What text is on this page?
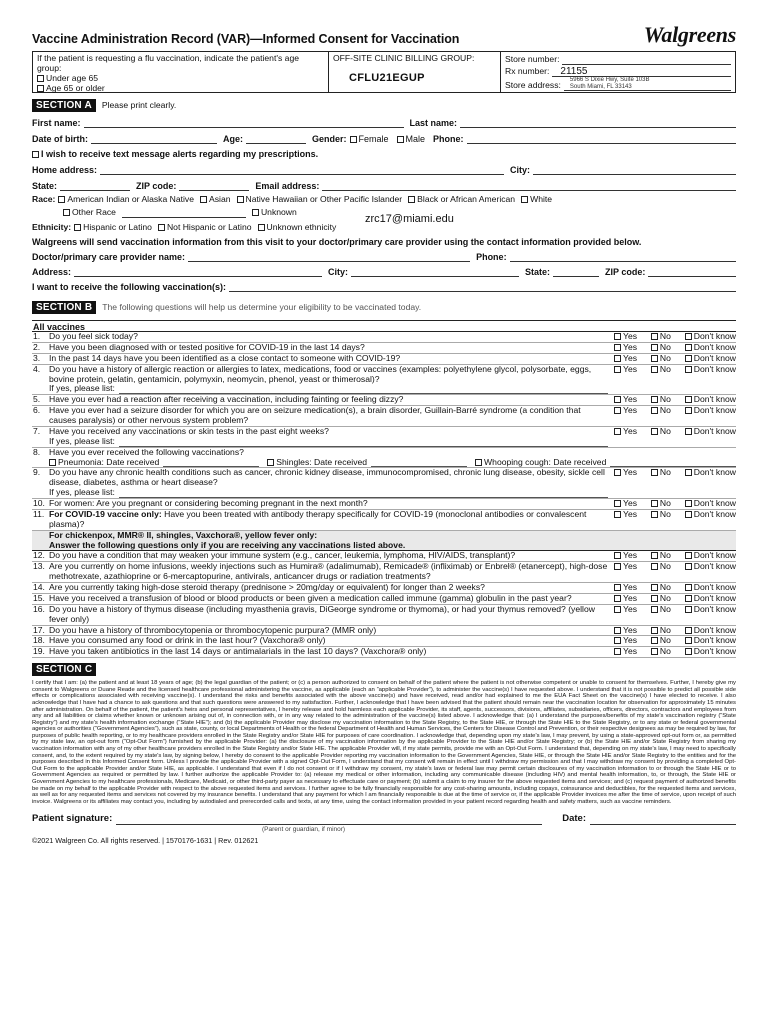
Vaccine Administration Record (VAR)—Informed Consent for Vaccination	Walgreens
If the patient is requesting a flu vaccination, indicate the patient's age group:
Under age 65
Age 65 or older
OFF-SITE CLINIC BILLING GROUP:
CFLU21EGUP
Store number:
Rx number:	21155
Store address:
5966 S Dixie Hwy, Suite 103B
South Miami, FL 33143
SECTION A	Please print clearly.
First name:	Last name:
Date of birth:	Age:	Gender:	Female	Male Phone:
I wish to receive text message alerts regarding my prescriptions.
Home address:	City:
State:	ZIP code:	Email address:
Race:	American Indian or Alaska Native	Asian	Native Hawaiian or Other Pacific Islander	Black or African American	White
Other Race	Unknown
Ethnicity:	Hispanic or Latino	Not Hispanic or Latino	Unknown ethnicity
zrc17@miami.edu
Walgreens will send vaccination information from this visit to your doctor/primary care provider using the contact information provided below.
Doctor/primary care provider name:	Phone:
Address:	City:	State:	ZIP code:
I want to receive the following vaccination(s):
SECTION B	The following questions will help us determine your eligibility to be vaccinated today.
All vaccines
1.	Do you feel sick today?	Yes	No	Don't know
2.	Have you been diagnosed with or tested positive for COVID-19 in the last 14 days?	Yes	No	Don't know
3.	In the past 14 days have you been identified as a close contact to someone with COVID-19?	Yes	No	Don't know
4.	Do you have a history of allergic reaction or allergies to latex, medications, food or vaccines (examples: polyethylene glycol, polysorbate, eggs, bovine protein, gelatin, gentamicin, polymyxin, neomycin, phenol, yeast or thimerosal)?
If yes, please list:
Yes	No	Don't know
5.	Have you ever had a reaction after receiving a vaccination, including fainting or feeling dizzy?	Yes	No	Don't know
6.	Have you ever had a seizure disorder for which you are on seizure medication(s), a brain disorder, Guillain-Barré syndrome (a condition that causes paralysis) or other nervous system problem?
Yes	No	Don't know
7.	Have you received any vaccinations or skin tests in the past eight weeks?
If yes, please list:
Yes	No	Don't know
8.	Have you ever received the following vaccinations?
Pneumonia: Date received	Shingles: Date received	Whooping cough: Date received
9.	Do you have any chronic health conditions such as cancer, chronic kidney disease, immunocompromised, chronic lung disease, obesity, sickle cell disease, diabetes, asthma or heart disease?
If yes, please list:
Yes	No	Don't know
10. For women: Are you pregnant or considering becoming pregnant in the next month?	Yes	No	Don't know
11. For COVID-19 vaccine only: Have you been treated with antibody therapy specifically for COVID-19 (monoclonal antibodies or convalescent plasma)?
Yes	No	Don't know
For chickenpox, MMR® II, shingles, Vaxchora®, yellow fever only:
Answer the following questions only if you are receiving any vaccinations listed above.
12. Do you have a condition that may weaken your immune system (e.g., cancer, leukemia, lymphoma, HIV/AIDS, transplant)?	Yes	No	Don't know
13. Are you currently on home infusions, weekly injections such as Humira® (adalimumab), Remicade® (infliximab) or Enbrel® (etanercept), high-dose methotrexate, azathioprine or 6-mercaptopurine, antivirals, anticancer drugs or radiation treatments?
Yes	No	Don't know
14. Are you currently taking high-dose steroid therapy (prednisone > 20mg/day or equivalent) for longer than 2 weeks?	Yes	No	Don't know
15. Have you received a transfusion of blood or blood products or been given a medication called immune (gamma) globulin in the past year?	Yes	No	Don't know
16. Do you have a history of thymus disease (including myasthenia gravis, DiGeorge syndrome or thymoma), or had your thymus removed? (yellow fever only)
Yes	No	Don't know
17. Do you have a history of thrombocytopenia or thrombocytopenic purpura? (MMR only)	Yes	No	Don't know
18. Have you consumed any food or drink in the last hour? (Vaxchora® only)	Yes	No	Don't know
19. Have you taken antibiotics in the last 14 days or antimalarials in the last 10 days? (Vaxchora® only)	Yes	No	Don't know
SECTION C
I certify that I am: (a) the patient and at least 18 years of age; (b) the legal guardian of the patient; or (c) a person authorized to consent on behalf of the patient where the patient is not otherwise competent or unable to consent for themselves. Further, I hereby give my consent to Walgreens or Duane Reade and the licensed healthcare professional administering the vaccine, as applicable (each an “applicable Provider”), to administer the vaccine(s) I have requested above. I understand that it is not possible to predict all possible side effects or complications associated with receiving vaccine(s). I understand the risks and benefits associated with the above vaccine(s) and have received, read and/or had explained to me the EUA Fact Sheet on the vaccine(s) I have elected to receive. I also acknowledge that I have had a chance to ask questions and that such questions were answered to my satisfaction. Further, I acknowledge that I have been advised that the patient should remain near the vaccination location for observation for approximately 15 minutes after administration. On behalf of the patient, the patient's heirs and personal representatives, I hereby release and hold harmless each applicable Provider, its staff, agents, successors, divisions, affiliates, subsidiaries, officers, directors, contractors and employees from any and all liabilities or claims whether known or unknown arising out of, in connection with, or in any way related to the administration of the vaccine(s) listed above. I acknowledge that: (a) I understand the purposes/benefits of my state's vaccination registry (“State Registry”) and my state's health information exchange (“State HIE”); and (b) the applicable Provider may disclose my vaccination information to the State Registry, to the State HIE, or through the State HIE to the State Registry, or to any state or federal governmental agencies or authorities (“Government Agencies”), such as state, county, or local Departments of Health or the federal Department of Health and Human Services, the Centers for Disease Control and Prevention, or their respective designees as may be required by law, for purposes of public health reporting, or to my healthcare providers enrolled in the State Registry and/or State HIE for purposes of care coordination. I acknowledge that, depending upon my state's law, I may prevent, by using a state-approved opt-out form or, as permitted by my state law, an opt-out form (“Opt-Out Form”) furnished by the applicable Provider: (a) the disclosure of my vaccination information by the applicable Provider to the State HIE and/or State Registry; or (b) the State HIE and/or State Registry from sharing my vaccination information with any of my other healthcare providers enrolled in the State Registry and/or State HIE. The applicable Provider will, if my state permits, provide me with an Opt-Out Form. I understand that, depending on my state's law, I may need to specifically consent, and, to the extent required by my state's law, by signing below, I hereby do consent to the applicable Provider reporting my vaccination information to the Government Agencies, State HIE, or through the State HIE and/or State Registry to the entities and for the purposes described in this Informed Consent form. Unless I provide the applicable Provider with a signed Opt-Out Form, I understand that my consent will remain in effect until I withdraw my permission and that I may withdraw my consent by providing a completed Opt-Out Form to the applicable Provider and/or State HIE, as applicable. I understand that even if I do not consent or if I withdraw my consent, my state's laws or federal law may permit certain disclosures of my vaccination information to or through the State HIE or to Government Agencies as required or permitted by law. I further authorize the applicable Provider to: (a) release my medical or other information, including any communicable disease (including HIV) and mental health information, to, or through, the State HIE or Government Agencies to my healthcare professionals, Medicare, Medicaid, or other third-party payer as necessary to effectuate care or payment; (b) submit a claim to my insurer for the above requested items and services; and (c) request payment of authorized benefits be made on my behalf to the applicable Provider with respect to the above requested items and services. I further agree to be fully financially responsible for any cost-sharing amounts, including copays, coinsurance and deductibles, for the requested items and services, as well as for any requested items and services not covered by my insurance benefits. I understand that any payment for which I am financially responsible is due at the time of service or, if the applicable Provider invoices me after the time of service, upon receipt of such invoice. Walgreens or its affiliates may contact you, including by autodialed and prerecorded calls and texts, at any time, using the contact information provided in your patient record regarding health and safety matters, such as vaccine reminders.
Patient signature:	Date:
(Parent or guardian, if minor)
©2021 Walgreen Co. All rights reserved. | 1570176-1631 | Rev. 012621
